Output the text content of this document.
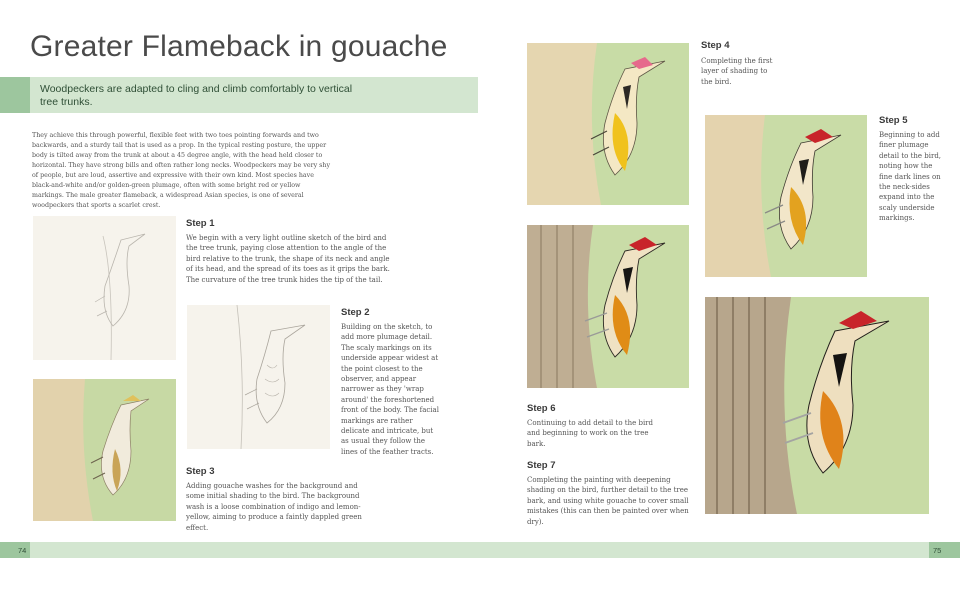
Greater Flameback in gouache
Woodpeckers are adapted to cling and climb comfortably to vertical tree trunks.
They achieve this through powerful, flexible feet with two toes pointing forwards and two backwards, and a sturdy tail that is used as a prop. In the typical resting posture, the upper body is tilted away from the trunk at about a 45 degree angle, with the head held closer to horizontal. They have strong bills and often rather long necks. Woodpeckers may be very shy of people, but are loud, assertive and expressive with their own kind. Most species have black-and-white and/or golden-green plumage, often with some bright red or yellow markings. The male greater flameback, a widespread Asian species, is one of several woodpeckers that sports a scarlet crest.
Step 1
We begin with a very light outline sketch of the bird and the tree trunk, paying close attention to the angle of the bird relative to the trunk, the shape of its neck and angle of its head, and the spread of its toes as it grips the bark. The curvature of the tree trunk hides the tip of the tail.
Step 2
Building on the sketch, to add more plumage detail. The scaly markings on its underside appear widest at the point closest to the observer, and appear narrower as they 'wrap around' the foreshortened front of the body. The facial markings are rather delicate and intricate, but as usual they follow the lines of the feather tracts.
Step 3
Adding gouache washes for the background and some initial shading to the bird. The background wash is a loose combination of indigo and lemon-yellow, aiming to produce a faintly dappled green effect.
Step 4
Completing the first layer of shading to the bird.
Step 5
Beginning to add finer plumage detail to the bird, noting how the fine dark lines on the neck-sides expand into the scaly underside markings.
Step 6
Continuing to add detail to the bird and beginning to work on the tree bark.
Step 7
Completing the painting with deepening shading on the bird, further detail to the tree bark, and using white gouache to cover small mistakes (this can then be painted over when dry).
74	75
